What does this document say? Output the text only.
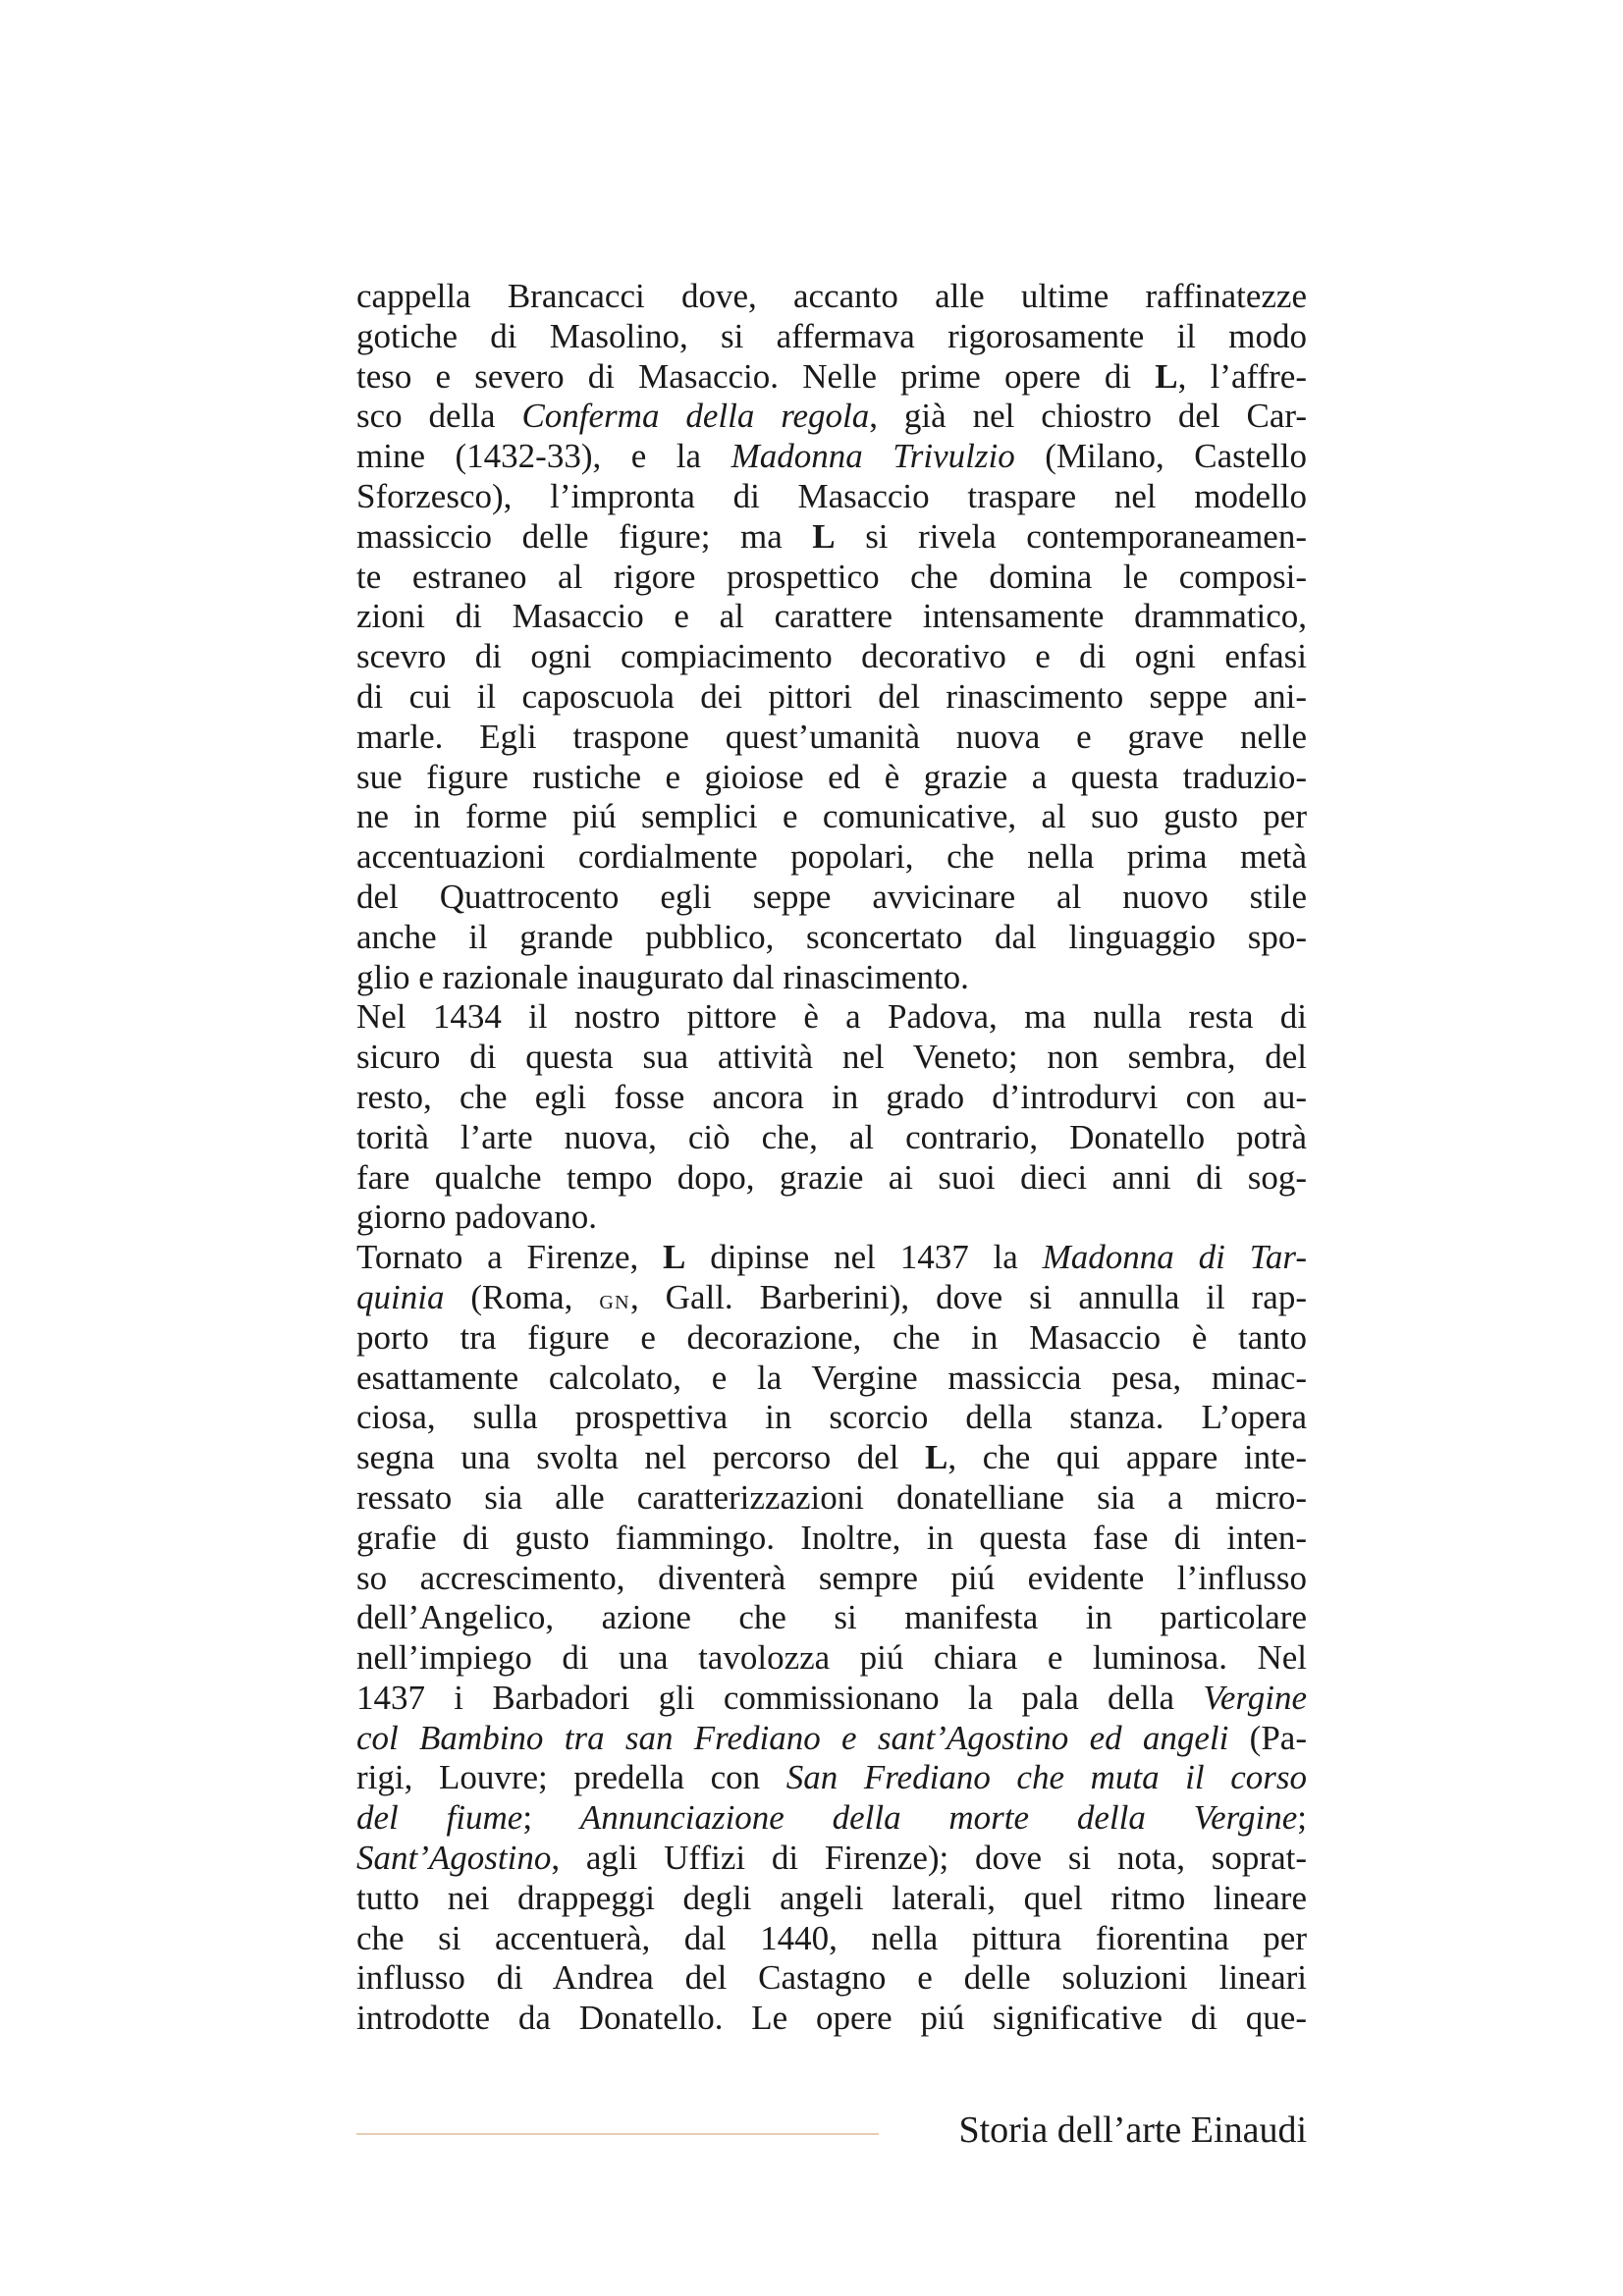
cappella Brancacci dove, accanto alle ultime raffinatezze
gotiche di Masolino, si affermava rigorosamente il modo
teso e severo di Masaccio. Nelle prime opere di L, l’affre-
sco della Conferma della regola, già nel chiostro del Car-
mine (1432-33), e la Madonna Trivulzio (Milano, Castello
Sforzesco), l’impronta di Masaccio traspare nel modello
massiccio delle figure; ma L si rivela contemporaneamen-
te estraneo al rigore prospettico che domina le composi-
zioni di Masaccio e al carattere intensamente drammatico,
scevro di ogni compiacimento decorativo e di ogni enfasi
di cui il caposcuola dei pittori del rinascimento seppe ani-
marle. Egli traspone quest’umanità nuova e grave nelle
sue figure rustiche e gioiose ed è grazie a questa traduzio-
ne in forme piú semplici e comunicative, al suo gusto per
accentuazioni cordialmente popolari, che nella prima metà
del Quattrocento egli seppe avvicinare al nuovo stile
anche il grande pubblico, sconcertato dal linguaggio spo-
glio e razionale inaugurato dal rinascimento.
Nel 1434 il nostro pittore è a Padova, ma nulla resta di
sicuro di questa sua attività nel Veneto; non sembra, del
resto, che egli fosse ancora in grado d’introdurvi con au-
torità l’arte nuova, ciò che, al contrario, Donatello potrà
fare qualche tempo dopo, grazie ai suoi dieci anni di sog-
giorno padovano.
Tornato a Firenze, L dipinse nel 1437 la Madonna di Tar-
quinia (Roma, gn, Gall. Barberini), dove si annulla il rap-
porto tra figure e decorazione, che in Masaccio è tanto
esattamente calcolato, e la Vergine massiccia pesa, minac-
ciosa, sulla prospettiva in scorcio della stanza. L’opera
segna una svolta nel percorso del L, che qui appare inte-
ressato sia alle caratterizzazioni donatelliane sia a micro-
grafie di gusto fiammingo. Inoltre, in questa fase di inten-
so accrescimento, diventerà sempre piú evidente l’influsso
dell’Angelico, azione che si manifesta in particolare
nell’impiego di una tavolozza piú chiara e luminosa. Nel
1437 i Barbadori gli commissionano la pala della Vergine
col Bambino tra san Frediano e sant’Agostino ed angeli (Pa-
rigi, Louvre; predella con San Frediano che muta il corso
del fiume; Annunciazione della morte della Vergine;
Sant’Agostino, agli Uffizi di Firenze); dove si nota, soprat-
tutto nei drappeggi degli angeli laterali, quel ritmo lineare
che si accentuerà, dal 1440, nella pittura fiorentina per
influsso di Andrea del Castagno e delle soluzioni lineari
introdotte da Donatello. Le opere piú significative di que-
Storia dell’arte Einaudi
